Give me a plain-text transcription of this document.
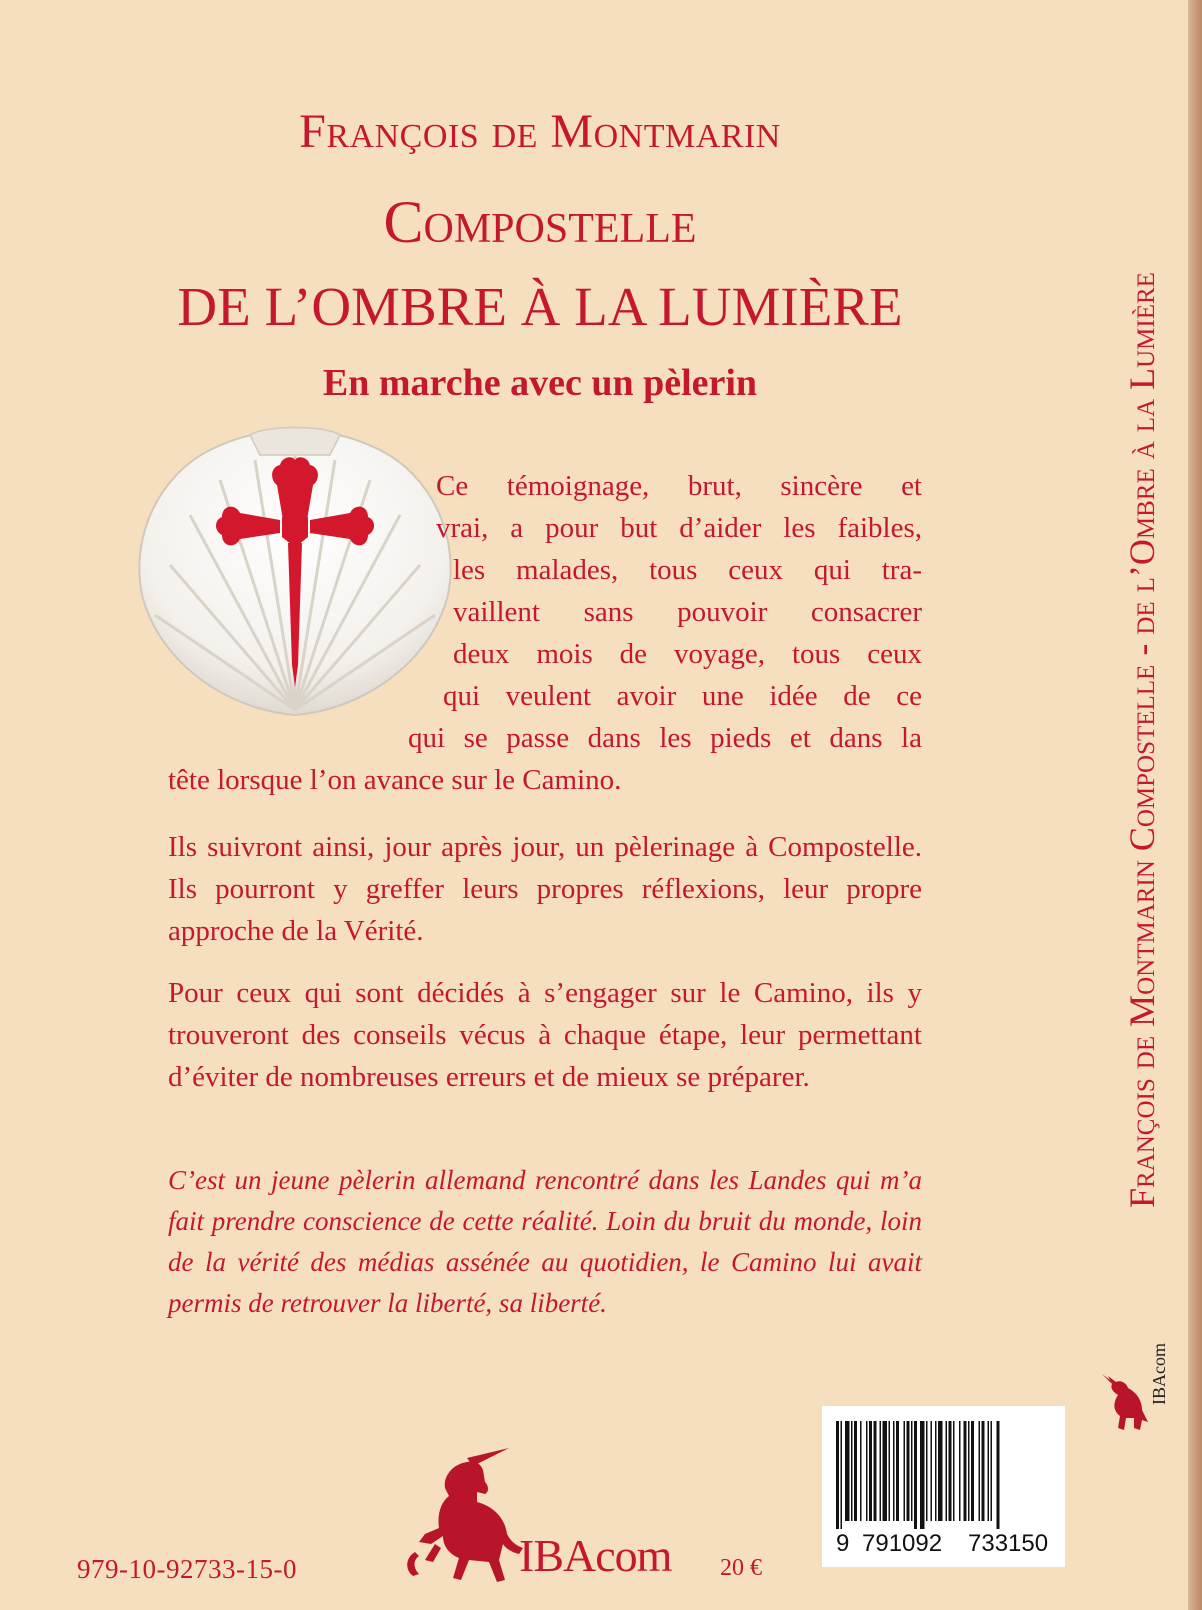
François de Montmarin
Compostelle
DE L’OMBRE À LA LUMIÈRE
En marche avec un pèlerin
Ce témoignage, brut, sincère et
vrai, a pour but d’aider les faibles,
les malades, tous ceux qui tra-
vaillent sans pouvoir consacrer
deux mois de voyage, tous ceux
qui veulent avoir une idée de ce
qui se passe dans les pieds et dans la
tête lorsque l’on avance sur le Camino.
Ils suivront ainsi, jour après jour, un pèlerinage à Compostelle. Ils pourront y greffer leurs propres réflexions, leur propre approche de la Vérité.
Pour ceux qui sont décidés à s’engager sur le Camino, ils y trouveront des conseils vécus à chaque étape, leur permettant d’éviter de nombreuses erreurs et de mieux se préparer.
C’est un jeune pèlerin allemand rencontré dans les Landes qui m’a fait prendre conscience de cette réalité. Loin du bruit du monde, loin de la vérité des médias assénée au quotidien, le Camino lui avait permis de retrouver la liberté, sa liberté.
François de Montmarin Compostelle - de l’Ombre à la Lumière
IBAcom
979-10-92733-15-0	IBAcom 20 €
9 791092 733150
